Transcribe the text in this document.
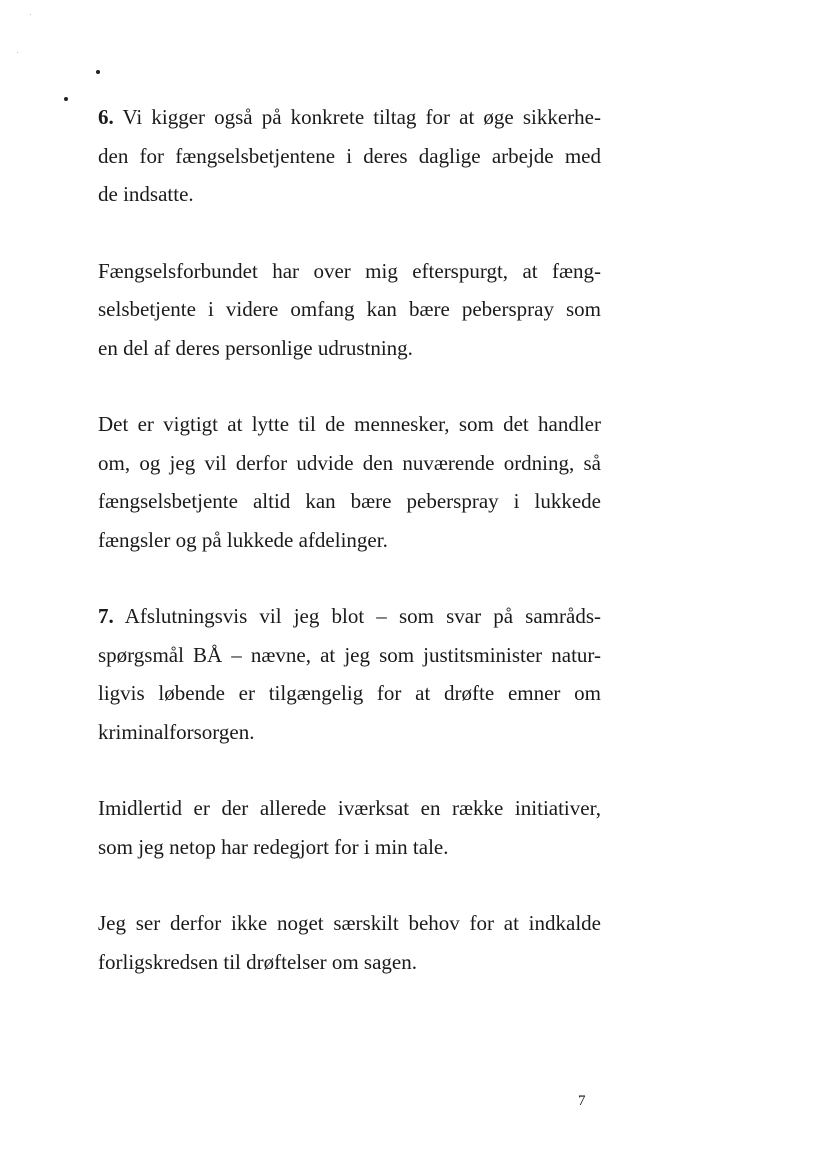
6. Vi kigger også på konkrete tiltag for at øge sikkerhe-
den for fængselsbetjentene i deres daglige arbejde med
de indsatte.

Fængselsforbundet har over mig efterspurgt, at fæng-
selsbetjente i videre omfang kan bære peberspray som
en del af deres personlige udrustning.

Det er vigtigt at lytte til de mennesker, som det handler
om, og jeg vil derfor udvide den nuværende ordning, så
fængselsbetjente altid kan bære peberspray i lukkede
fængsler og på lukkede afdelinger.

7. Afslutningsvis vil jeg blot – som svar på samråds-
spørgsmål BÅ – nævne, at jeg som justitsminister natur-
ligvis løbende er tilgængelig for at drøfte emner om
kriminalforsorgen.

Imidlertid er der allerede iværksat en række initiativer,
som jeg netop har redegjort for i min tale.

Jeg ser derfor ikke noget særskilt behov for at indkalde
forligskredsen til drøftelser om sagen.

7
